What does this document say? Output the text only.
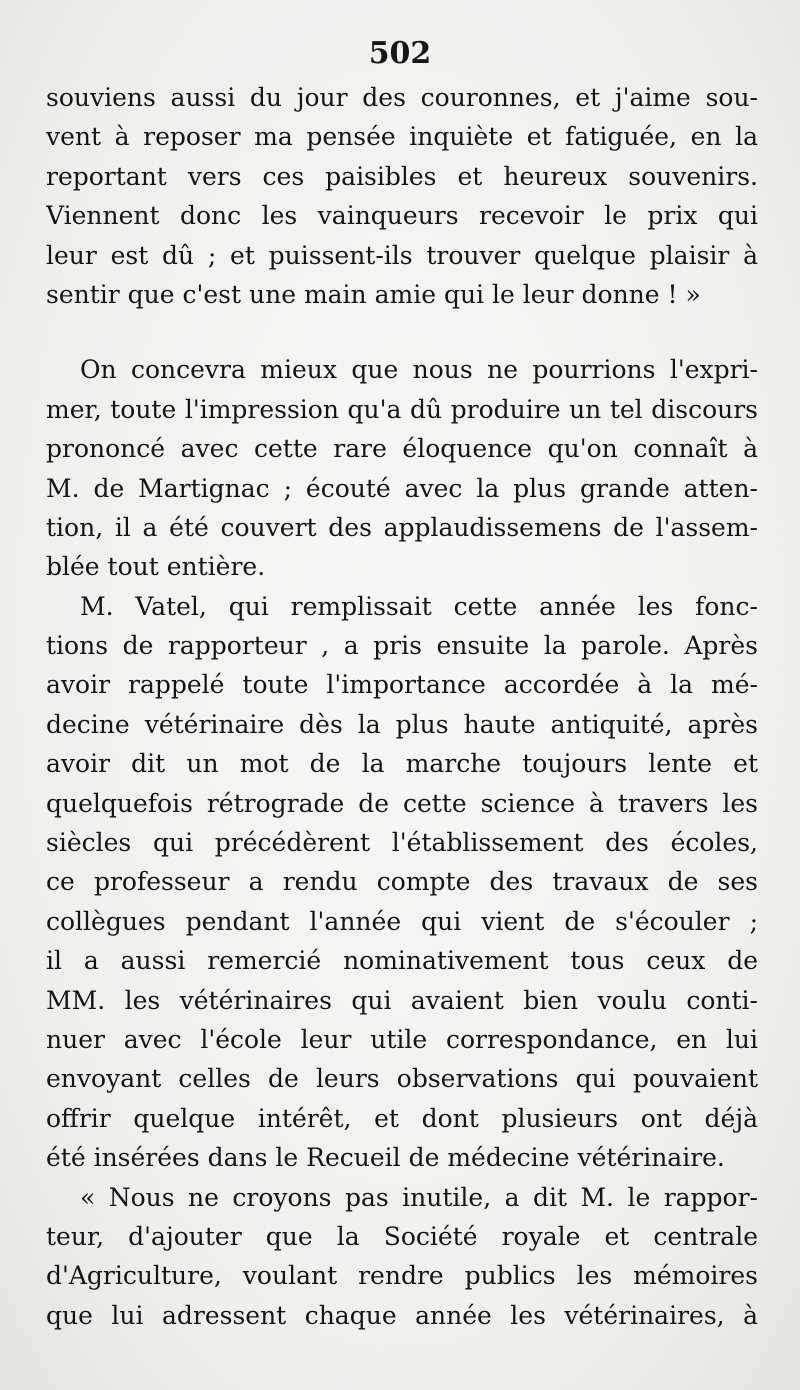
502
souviens aussi du jour des couronnes, et j'aime sou-
vent à reposer ma pensée inquiète et fatiguée, en la
reportant vers ces paisibles et heureux souvenirs.
Viennent donc les vainqueurs recevoir le prix qui
leur est dû ; et puissent-ils trouver quelque plaisir à
sentir que c'est une main amie qui le leur donne ! »
On concevra mieux que nous ne pourrions l'expri-
mer, toute l'impression qu'a dû produire un tel discours
prononcé avec cette rare éloquence qu'on connaît à
M. de Martignac ; écouté avec la plus grande atten-
tion, il a été couvert des applaudissemens de l'assem-
blée tout entière.
M. Vatel, qui remplissait cette année les fonc-
tions de rapporteur , a pris ensuite la parole. Après
avoir rappelé toute l'importance accordée à la mé-
decine vétérinaire dès la plus haute antiquité, après
avoir dit un mot de la marche toujours lente et
quelquefois rétrograde de cette science à travers les
siècles qui précédèrent l'établissement des écoles,
ce professeur a rendu compte des travaux de ses
collègues pendant l'année qui vient de s'écouler ;
il a aussi remercié nominativement tous ceux de
MM. les vétérinaires qui avaient bien voulu conti-
nuer avec l'école leur utile correspondance, en lui
envoyant celles de leurs observations qui pouvaient
offrir quelque intérêt, et dont plusieurs ont déjà
été insérées dans le Recueil de médecine vétérinaire.
« Nous ne croyons pas inutile, a dit M. le rappor-
teur, d'ajouter que la Société royale et centrale
d'Agriculture, voulant rendre publics les mémoires
que lui adressent chaque année les vétérinaires, à
